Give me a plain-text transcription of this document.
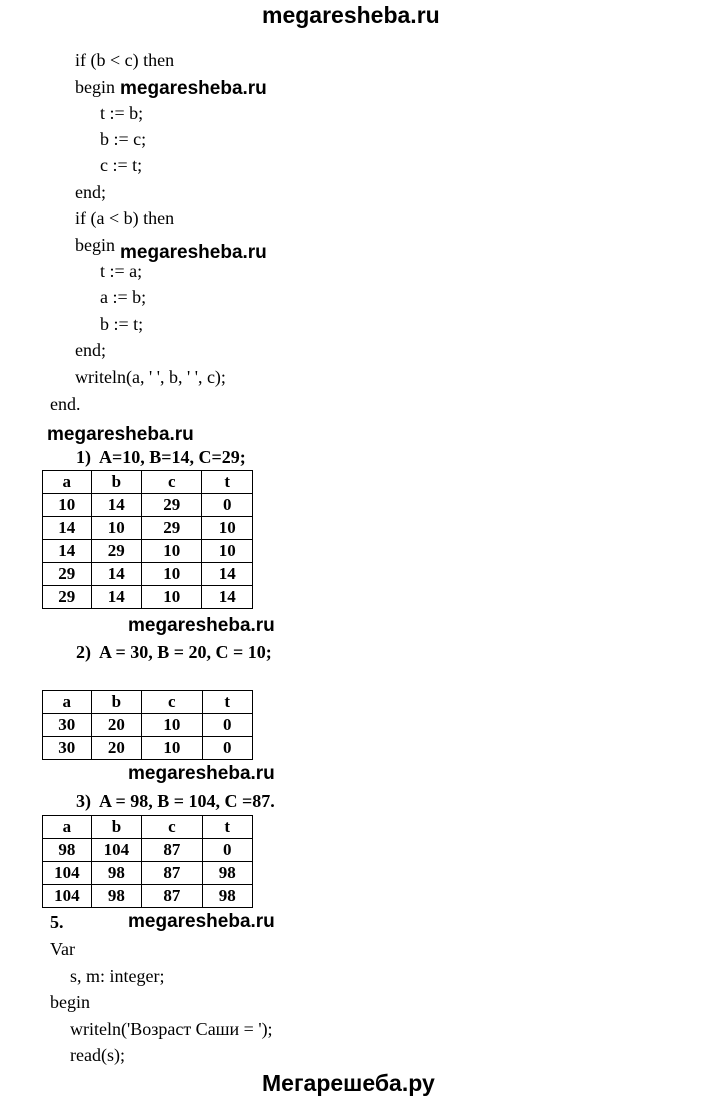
megaresheba.ru
Мегарешеба.ру
if (b < c) then
begin
t := b;
b := c;
c := t;
end;
if (a < b) then
begin
t := a;
a := b;
b := t;
end;
writeln(a, ' ', b, ' ', c);
end.
megaresheba.ru
megaresheba.ru
megaresheba.ru
megaresheba.ru
megaresheba.ru
megaresheba.ru
1)  A=10, B=14, C=29;
a	b	c	t
10	14	29	0
14	10	29	10
14	29	10	10
29	14	10	14
29	14	10	14
2)  A = 30, B = 20, C = 10;
a	b	c	t
30	20	10	0
30	20	10	0
3)  A = 98, B = 104, C =87.
a	b	c	t
98	104	87	0
104	98	87	98
104	98	87	98
5.
Var
s, m: integer;
begin
writeln('Возраст Саши = ');
read(s);
